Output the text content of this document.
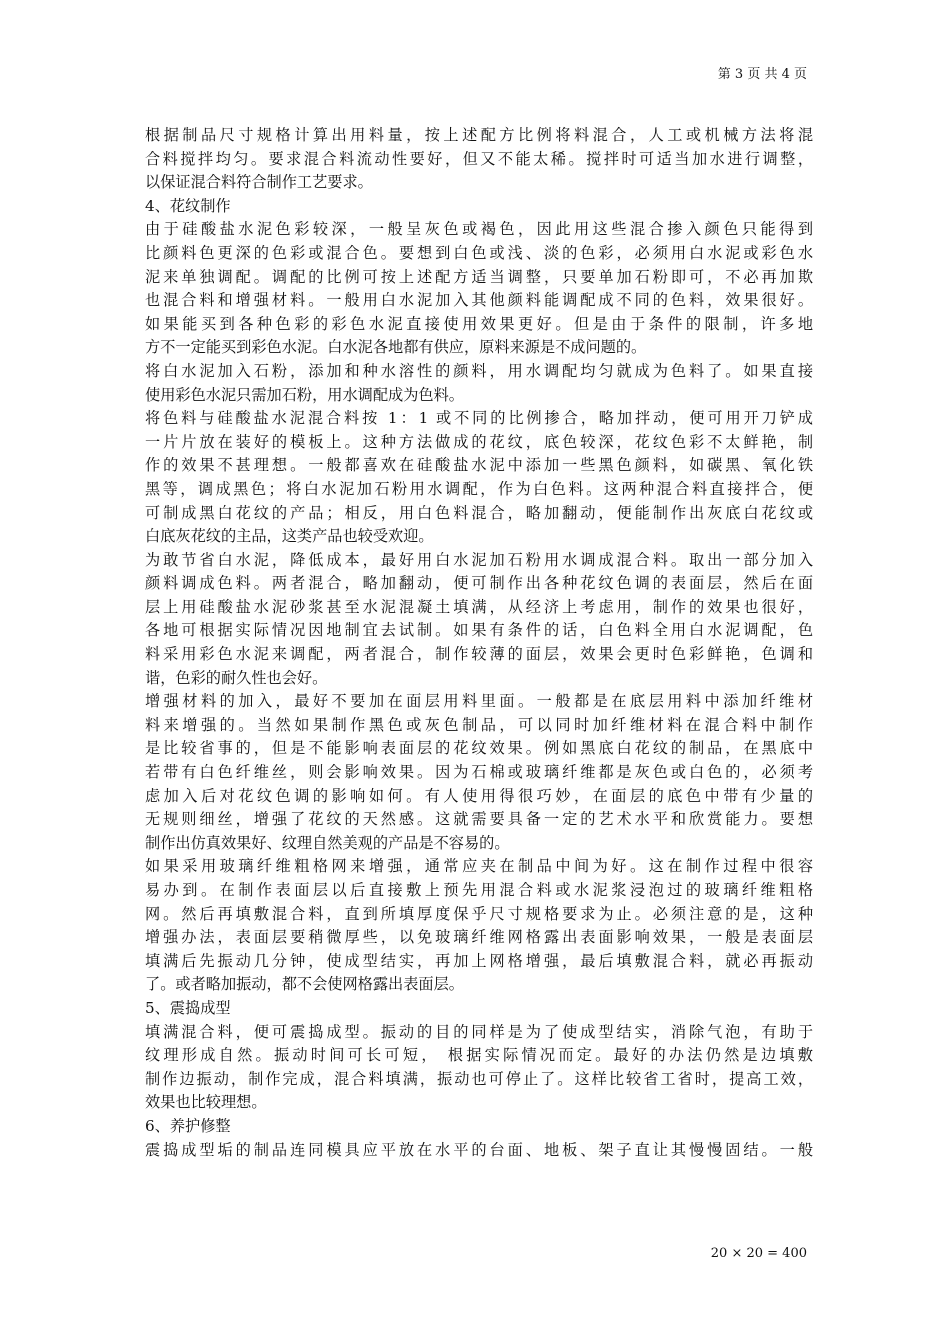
第 3 页 共 4 页
根据制品尺寸规格计算出用料量，按上述配方比例将料混合，人工或机械方法将混
合料搅拌均匀。要求混合料流动性要好，但又不能太稀。搅拌时可适当加水进行调整，
以保证混合料符合制作工艺要求。
4、花纹制作
由于硅酸盐水泥色彩较深，一般呈灰色或褐色，因此用这些混合掺入颜色只能得到
比颜料色更深的色彩或混合色。要想到白色或浅、淡的色彩，必须用白水泥或彩色水
泥来单独调配。调配的比例可按上述配方适当调整，只要单加石粉即可，不必再加欺
也混合料和增强材料。一般用白水泥加入其他颜料能调配成不同的色料，效果很好。
如果能买到各种色彩的彩色水泥直接使用效果更好。但是由于条件的限制，许多地
方不一定能买到彩色水泥。白水泥各地都有供应，原料来源是不成问题的。
将白水泥加入石粉，添加和种水溶性的颜料，用水调配均匀就成为色料了。如果直接
使用彩色水泥只需加石粉，用水调配成为色料。
将色料与硅酸盐水泥混合料按 1：1 或不同的比例掺合，略加拌动，便可用开刀铲成
一片片放在装好的模板上。这种方法做成的花纹，底色较深，花纹色彩不太鲜艳，制
作的效果不甚理想。一般都喜欢在硅酸盐水泥中添加一些黑色颜料，如碳黑、氧化铁
黑等，调成黑色；将白水泥加石粉用水调配，作为白色料。这两种混合料直接拌合，便
可制成黑白花纹的产品；相反，用白色料混合，略加翻动，便能制作出灰底白花纹或
白底灰花纹的主品，这类产品也较受欢迎。
为敢节省白水泥，降低成本，最好用白水泥加石粉用水调成混合料。取出一部分加入
颜料调成色料。两者混合，略加翻动，便可制作出各种花纹色调的表面层，然后在面
层上用硅酸盐水泥砂浆甚至水泥混凝土填满，从经济上考虑用，制作的效果也很好，
各地可根据实际情况因地制宜去试制。如果有条件的话，白色料全用白水泥调配，色
料采用彩色水泥来调配，两者混合，制作较薄的面层，效果会更时色彩鲜艳，色调和
谐，色彩的耐久性也会好。
增强材料的加入，最好不要加在面层用料里面。一般都是在底层用料中添加纤维材
料来增强的。当然如果制作黑色或灰色制品，可以同时加纤维材料在混合料中制作
是比较省事的，但是不能影响表面层的花纹效果。例如黑底白花纹的制品，在黑底中
若带有白色纤维丝，则会影响效果。因为石棉或玻璃纤维都是灰色或白色的，必须考
虑加入后对花纹色调的影响如何。有人使用得很巧妙，在面层的底色中带有少量的
无规则细丝，增强了花纹的天然感。这就需要具备一定的艺术水平和欣赏能力。要想
制作出仿真效果好、纹理自然美观的产品是不容易的。
如果采用玻璃纤维粗格网来增强，通常应夹在制品中间为好。这在制作过程中很容
易办到。在制作表面层以后直接敷上预先用混合料或水泥浆浸泡过的玻璃纤维粗格
网。然后再填敷混合料，直到所填厚度保乎尺寸规格要求为止。必须注意的是，这种
增强办法，表面层要稍微厚些，以免玻璃纤维网格露出表面影响效果，一般是表面层
填满后先振动几分钟，使成型结实，再加上网格增强，最后填敷混合料，就必再振动
了。或者略加振动，都不会使网格露出表面层。
5、震捣成型
填满混合料，便可震捣成型。振动的目的同样是为了使成型结实，消除气泡，有助于
纹理形成自然。振动时间可长可短， 根据实际情况而定。最好的办法仍然是边填敷
制作边振动，制作完成，混合料填满，振动也可停止了。这样比较省工省时，提高工效，
效果也比较理想。
6、养护修整
震捣成型垢的制品连同模具应平放在水平的台面、地板、架子直让其慢慢固结。一般
20 × 20 = 400
